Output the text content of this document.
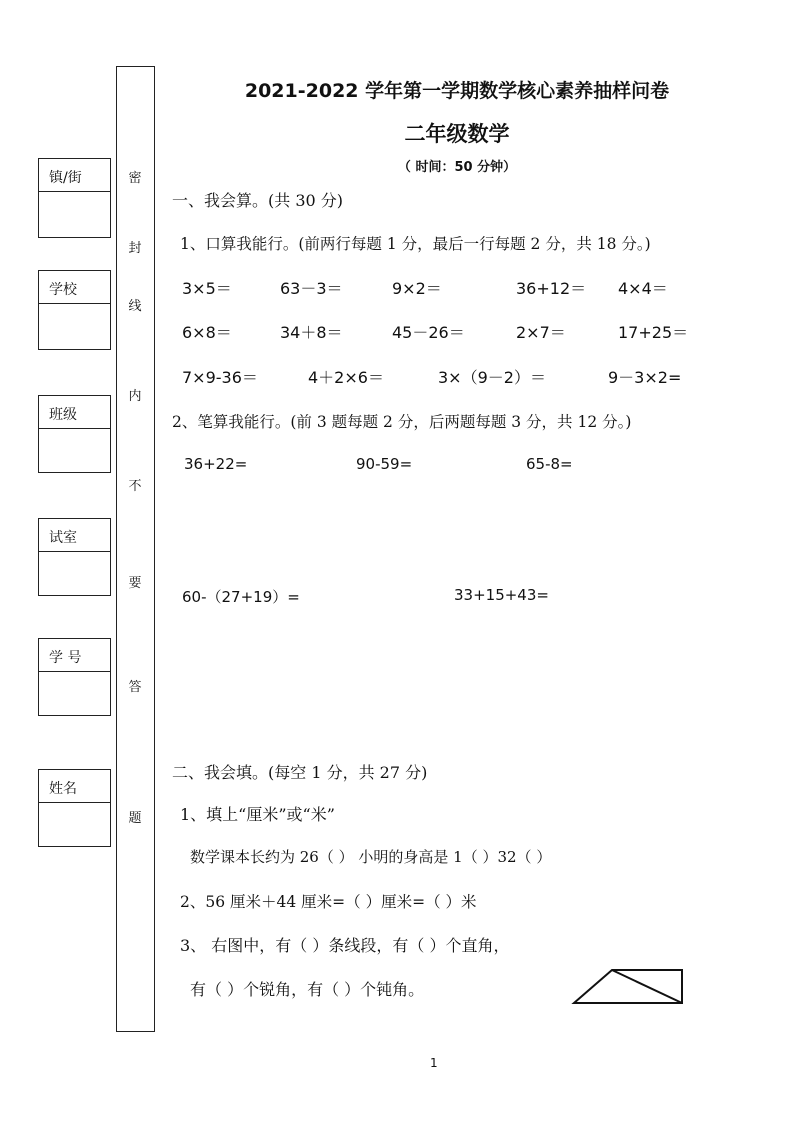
镇/街
学校
班级
试室
学 号
姓名
密
封
线
内
不
要
答
题
2021-2022 学年第一学期数学核心素养抽样问卷
二年级数学
（ 时间：50 分钟）
一、我会算。(共 30 分)
1、口算我能行。(前两行每题 1 分，最后一行每题 2 分，共 18 分。)
3×5＝	63－3＝	9×2＝	36+12＝ 4×4＝
6×8＝	34＋8＝	45－26＝	2×7＝	17+25＝
7×9-36＝	4＋2×6＝	3×（9－2）＝	9－3×2=
2、笔算我能行。(前 3 题每题 2 分，后两题每题 3 分，共 12 分。)
36+22=	90-59=	65-8=
60-（27+19）=	33+15+43=
二、我会填。(每空 1 分，共 27 分)
1、填上“厘米”或“米”
数学课本长约为 26（ ） 小明的身高是 1（ ）32（ ）
2、56 厘米＋44 厘米=（ ）厘米=（ ）米
3、 右图中，有（ ）条线段，有（ ）个直角，
有（ ）个锐角，有（ ）个钝角。
1
